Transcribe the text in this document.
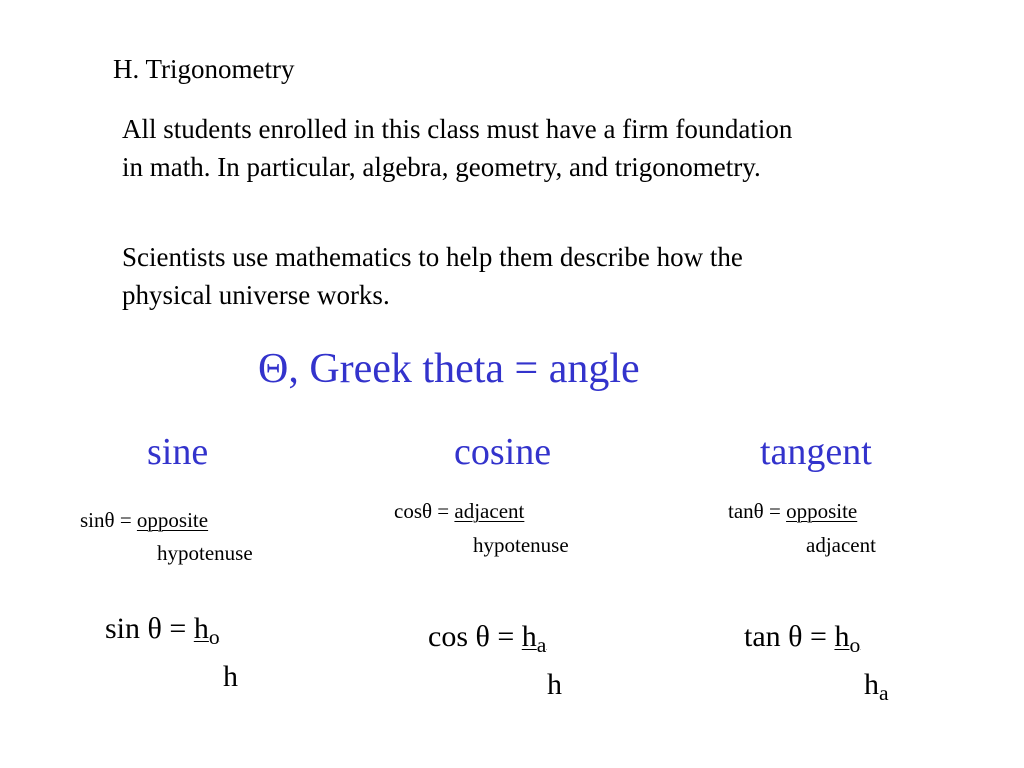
H. Trigonometry
All students enrolled in this class must have a firm foundation
in math. In particular, algebra, geometry, and trigonometry.
Scientists use mathematics to help them describe how the
physical universe works.
Θ, Greek theta = angle
sine	cosine	tangent
sinθ = opposite
hypotenuse
cosθ = adjacent
hypotenuse
tanθ = opposite
adjacent
$\sin \theta = h_o$
h
$\cos \theta = h_a$
h
$\tan \theta = h_o$
$h_a$
